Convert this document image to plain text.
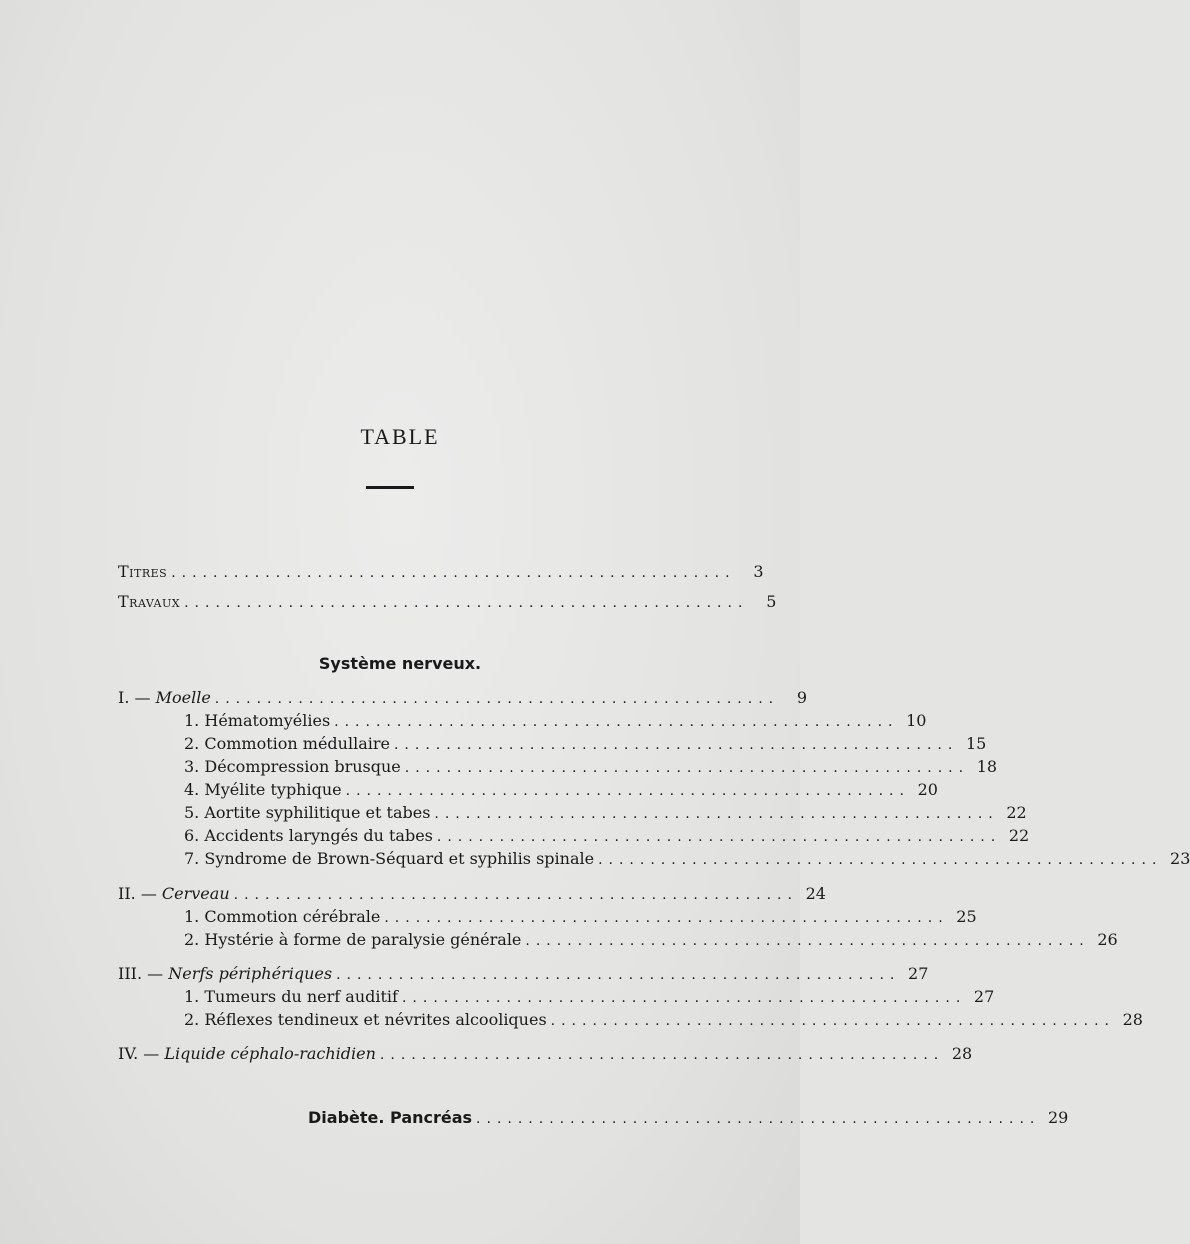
TABLE
Titres ......................................................	3
Travaux ......................................................	5
Système nerveux.
I. — Moelle ......................................................	9
1. Hématomyélies ...................................................... 10
2. Commotion médullaire ...................................................... 15
3. Décompression brusque ...................................................... 18
4. Myélite typhique ...................................................... 20
5. Aortite syphilitique et tabes ...................................................... 22
6. Accidents laryngés du tabes ...................................................... 22
7. Syndrome de Brown-Séquard et syphilis spinale ...................................................... 23
II. — Cerveau ...................................................... 24
1. Commotion cérébrale ...................................................... 25
2. Hystérie à forme de paralysie générale ...................................................... 26
III. — Nerfs périphériques ...................................................... 27
1. Tumeurs du nerf auditif ...................................................... 27
2. Réflexes tendineux et névrites alcooliques ...................................................... 28
IV. — Liquide céphalo-rachidien ...................................................... 28
Diabète. Pancréas ...................................................... 29
